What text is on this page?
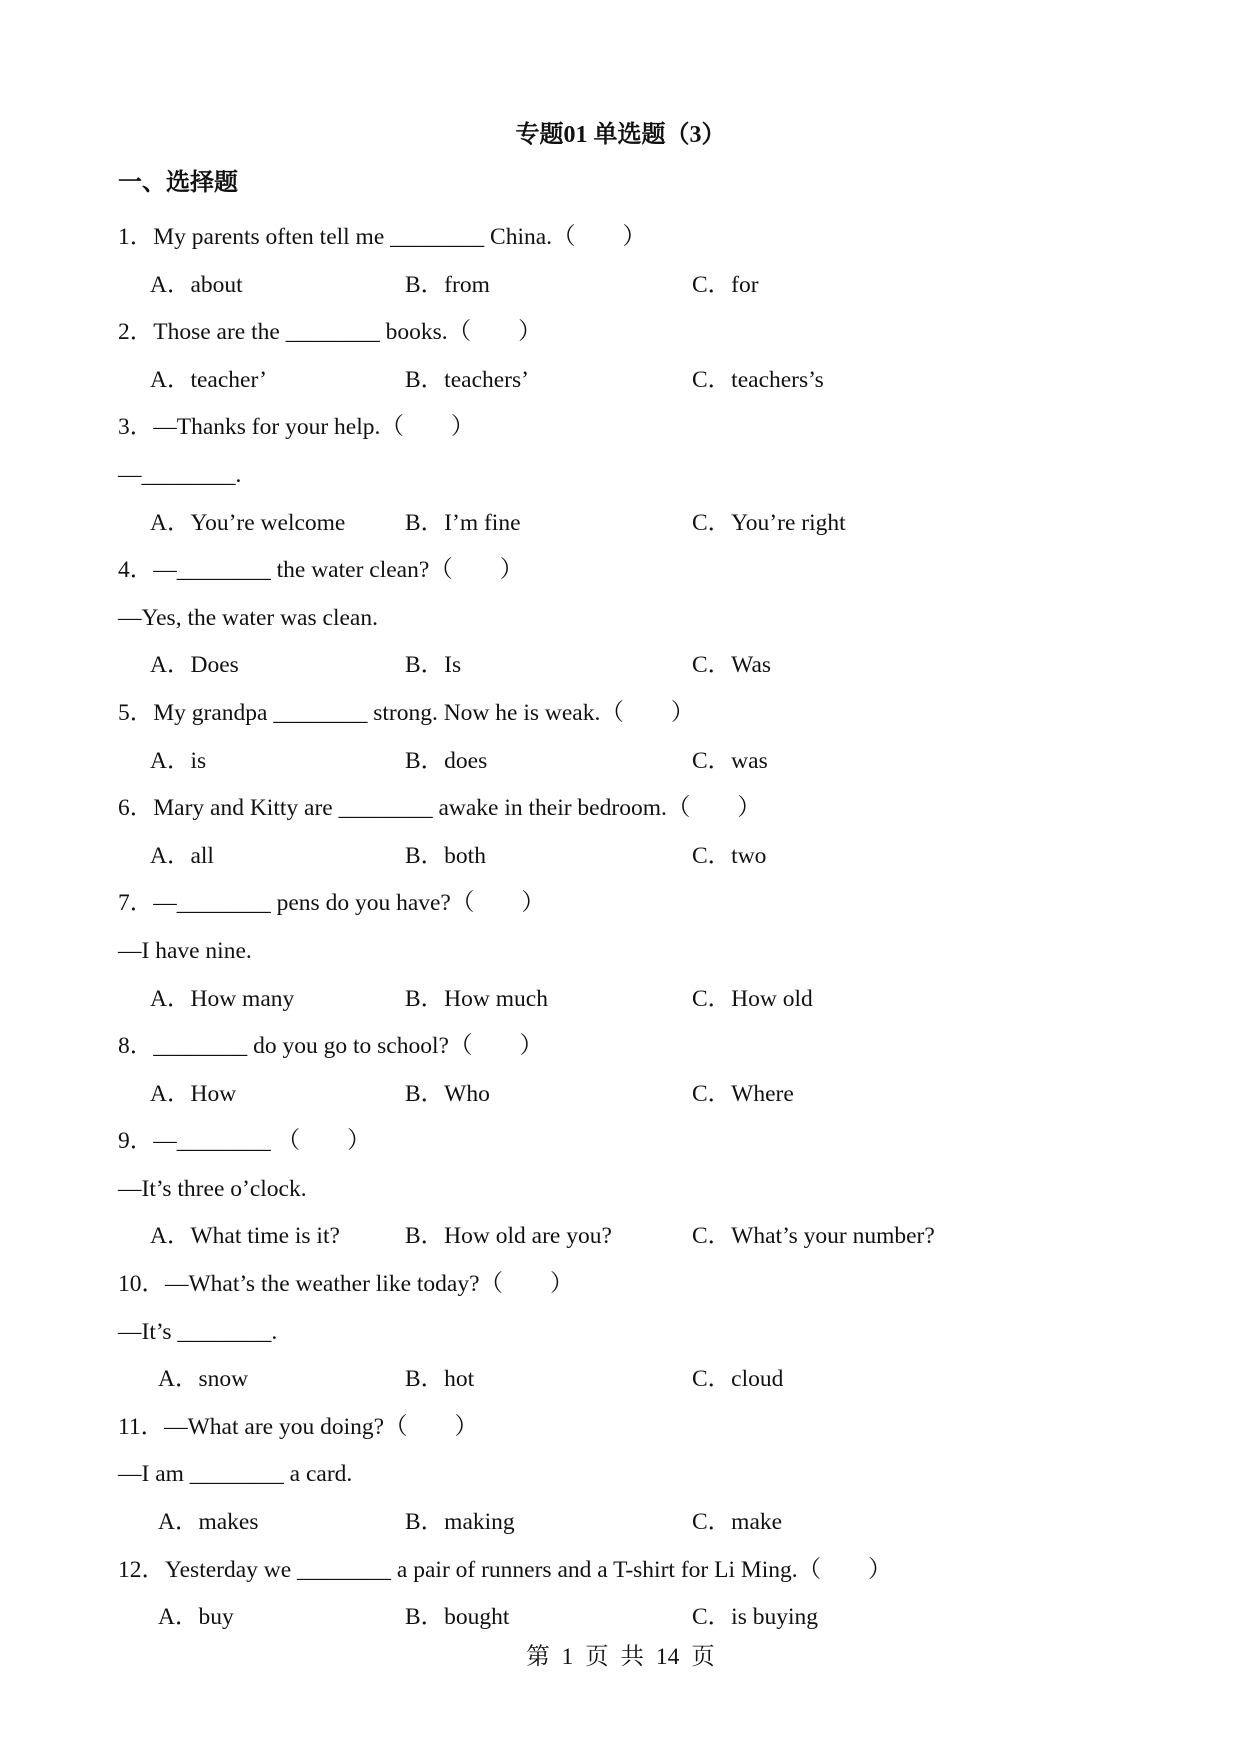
专题01 单选题（3）
一、选择题
1．My parents often tell me ________ China.（　　）
A．about	B．from	C．for
2．Those are the ________ books.（　　）
A．teacher’	B．teachers’	C．teachers’s
3．—Thanks for your help.（　　）
—________.
A．You’re welcome	B．I’m fine	C．You’re right
4．—________ the water clean?（　　）
—Yes, the water was clean.
A．Does	B．Is	C．Was
5．My grandpa ________ strong. Now he is weak.（　　）
A．is	B．does	C．was
6．Mary and Kitty are ________ awake in their bedroom.（　　）
A．all	B．both	C．two
7．—________ pens do you have?（　　）
—I have nine.
A．How many	B．How much	C．How old
8．________ do you go to school?（　　）
A．How	B．Who	C．Where
9．—________ （　　）
—It’s three o’clock.
A．What time is it?	B．How old are you?	C．What’s your number?
10．—What’s the weather like today?（　　）
—It’s ________.
A．snow	B．hot	C．cloud
11．—What are you doing?（　　）
—I am ________ a card.
A．makes	B．making	C．make
12．Yesterday we ________ a pair of runners and a T-shirt for Li Ming.（　　）
A．buy	B．bought	C．is buying
第 1 页 共 14 页
